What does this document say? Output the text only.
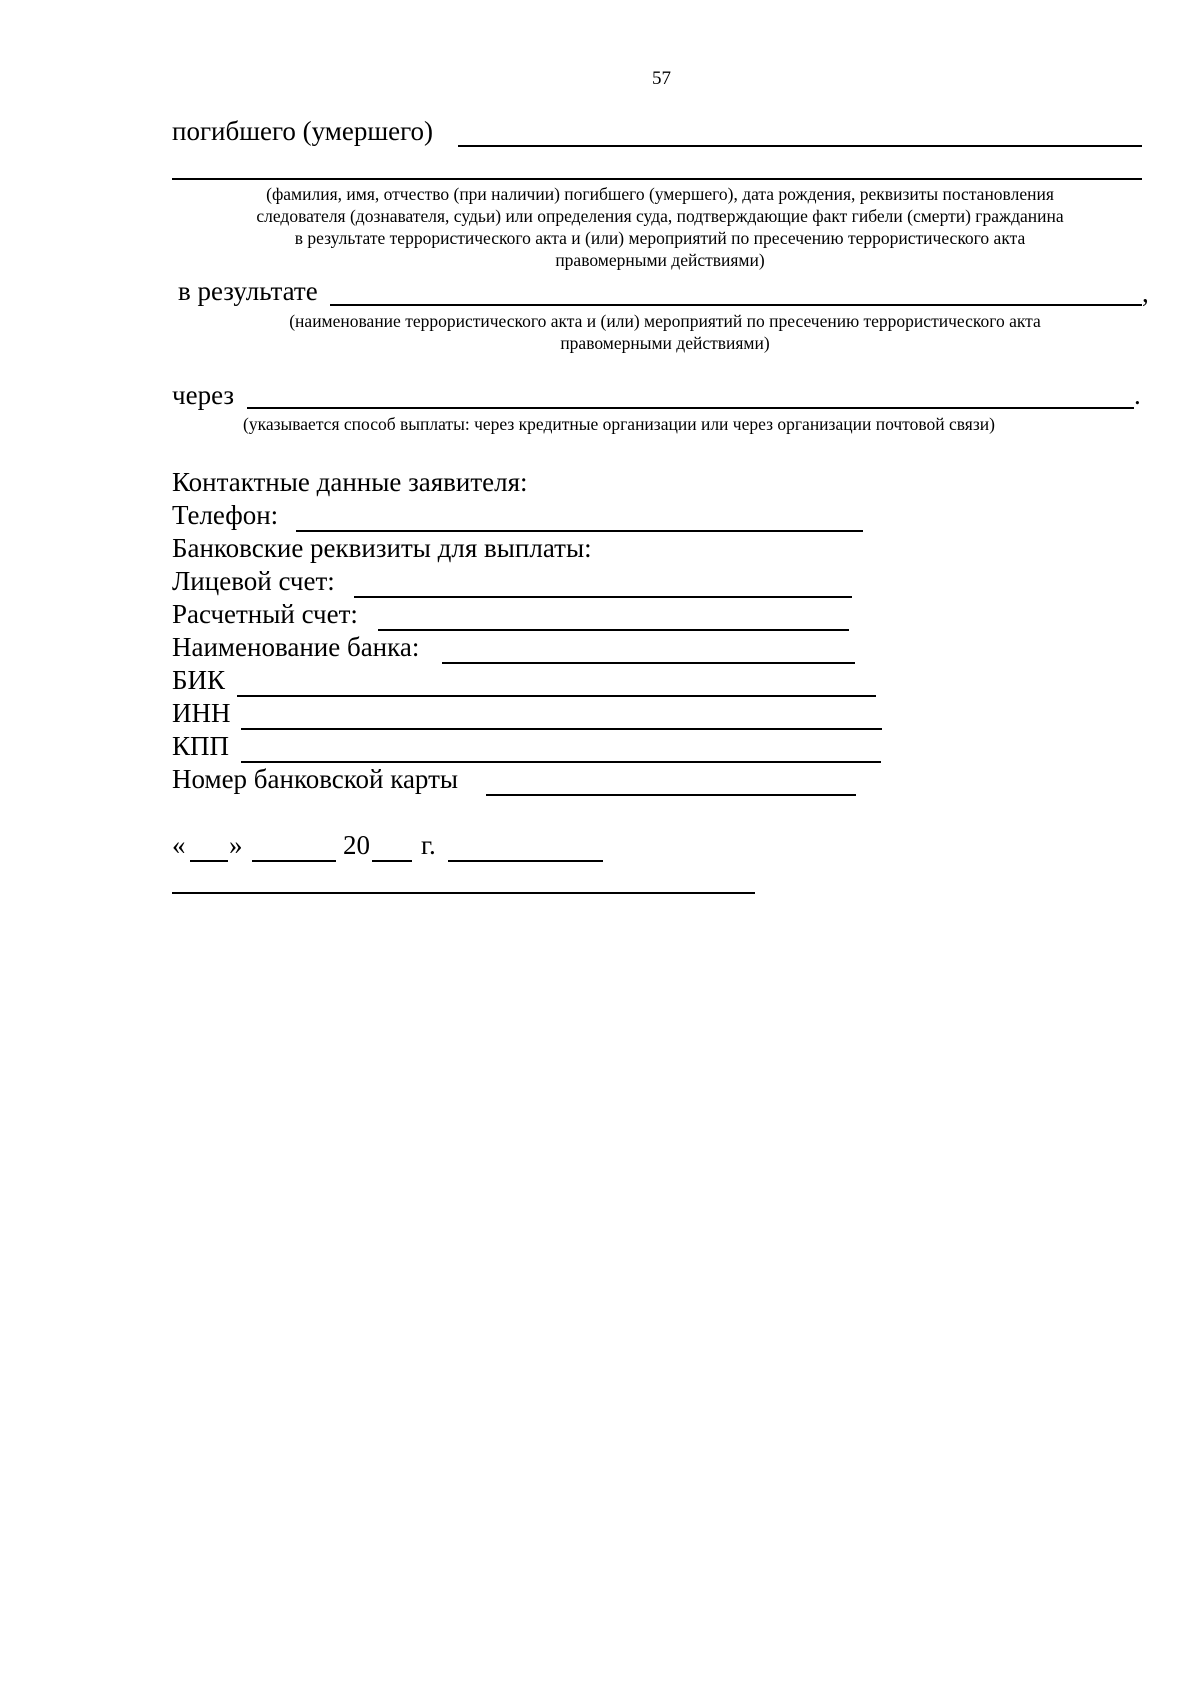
57
погибшего (умершего)
(фамилия, имя, отчество (при наличии) погибшего (умершего), дата рождения, реквизиты постановления
следователя (дознавателя, судьи) или определения суда, подтверждающие факт гибели (смерти) гражданина
в результате террористического акта и (или) мероприятий по пресечению террористического акта
правомерными действиями)
в результате	,
(наименование террористического акта и (или) мероприятий по пресечению террористического акта
правомерными действиями)
через	.
(указывается способ выплаты: через кредитные организации или через организации почтовой связи)
Контактные данные заявителя:
Телефон:
Банковские реквизиты для выплаты:
Лицевой счет:
Расчетный счет:
Наименование банка:
БИК
ИНН
КПП
Номер банковской карты
« »	20 г.
